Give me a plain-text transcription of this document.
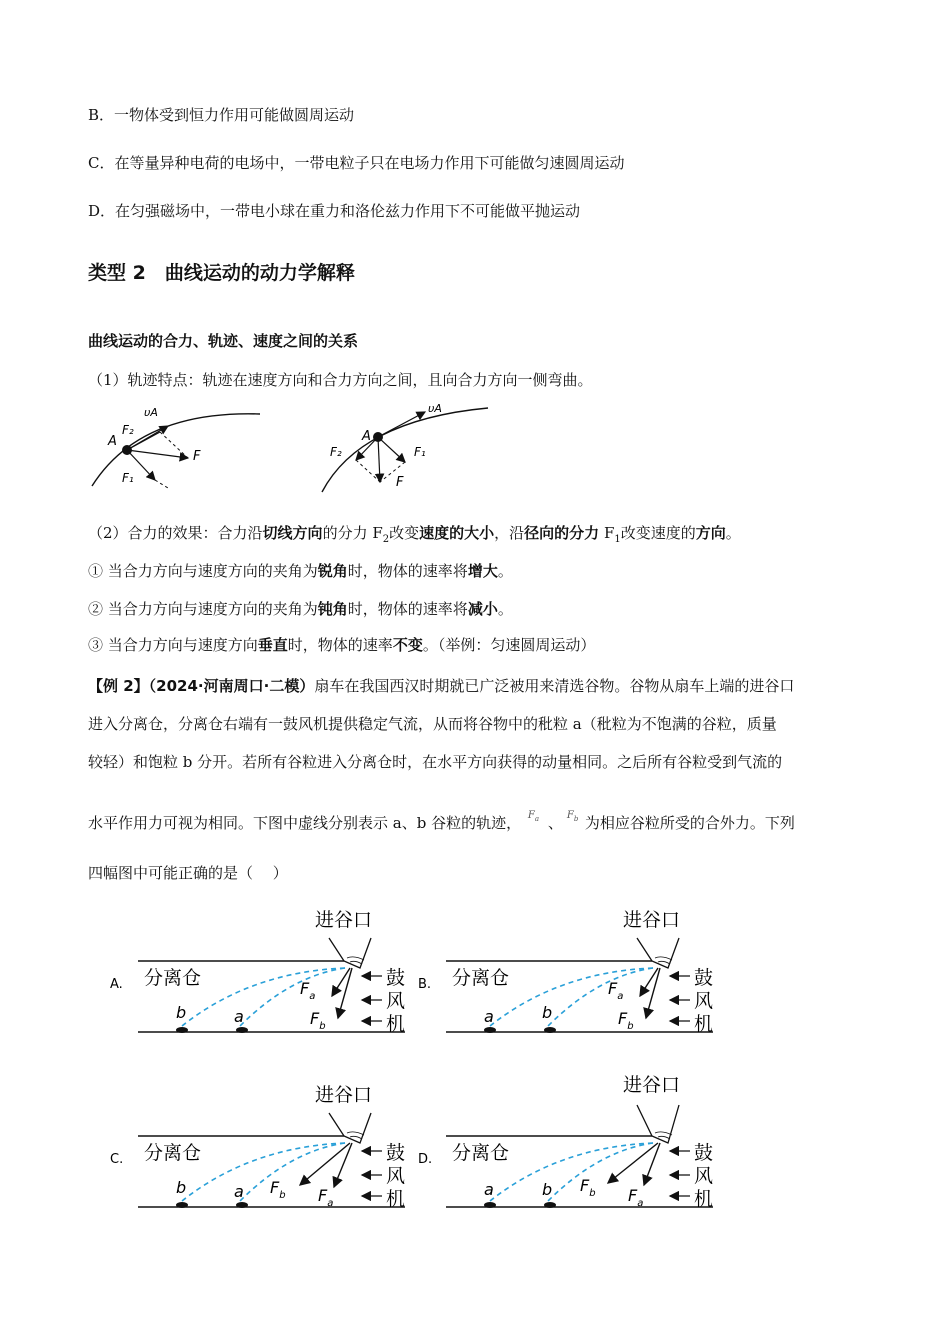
B．一物体受到恒力作用可能做圆周运动
C．在等量异种电荷的电场中，一带电粒子只在电场力作用下可能做匀速圆周运动
D．在匀强磁场中，一带电小球在重力和洛伦兹力作用下不可能做平抛运动
类型 2　曲线运动的动力学解释
曲线运动的合力、轨迹、速度之间的关系
（1）轨迹特点：轨迹在速度方向和合力方向之间，且向合力方向一侧弯曲。
A
F₂
υA
F
F₁
A
F₂
υA
F
F₁
（2）合力的效果：合力沿切线方向的分力 $F_2$改变速度的大小，沿径向的分力 $F_1$改变速度的方向。
① 当合力方向与速度方向的夹角为锐角时，物体的速率将增大。
② 当合力方向与速度方向的夹角为钝角时，物体的速率将减小。
③ 当合力方向与速度方向垂直时，物体的速率不变。（举例：匀速圆周运动）
【例 2】（2024·河南周口·二模）扇车在我国西汉时期就已广泛被用来清选谷物。谷物从扇车上端的进谷口
进入分离仓，分离仓右端有一鼓风机提供稳定气流，从而将谷物中的秕粒 a（秕粒为不饱满的谷粒，质量
较轻）和饱粒 b 分开。若所有谷粒进入分离仓时，在水平方向获得的动量相同。之后所有谷粒受到气流的
水平作用力可视为相同。下图中虚线分别表示 a、b 谷粒的轨迹， $F_a$ 、 $F_b$ 为相应谷粒所受的合外力。下列
四幅图中可能正确的是（　 ）
A.
进谷口
b	a
$F_a$
$F_b$
分离仓	鼓
风
机
B.
进谷口
a	b
$F_a$
$F_b$
分离仓	鼓
风
机
C.
进谷口
b	a $F_b$ $F_a$
分离仓	鼓
风
机
D.
进谷口
a	b $F_b$ $F_a$
分离仓	鼓
风
机
